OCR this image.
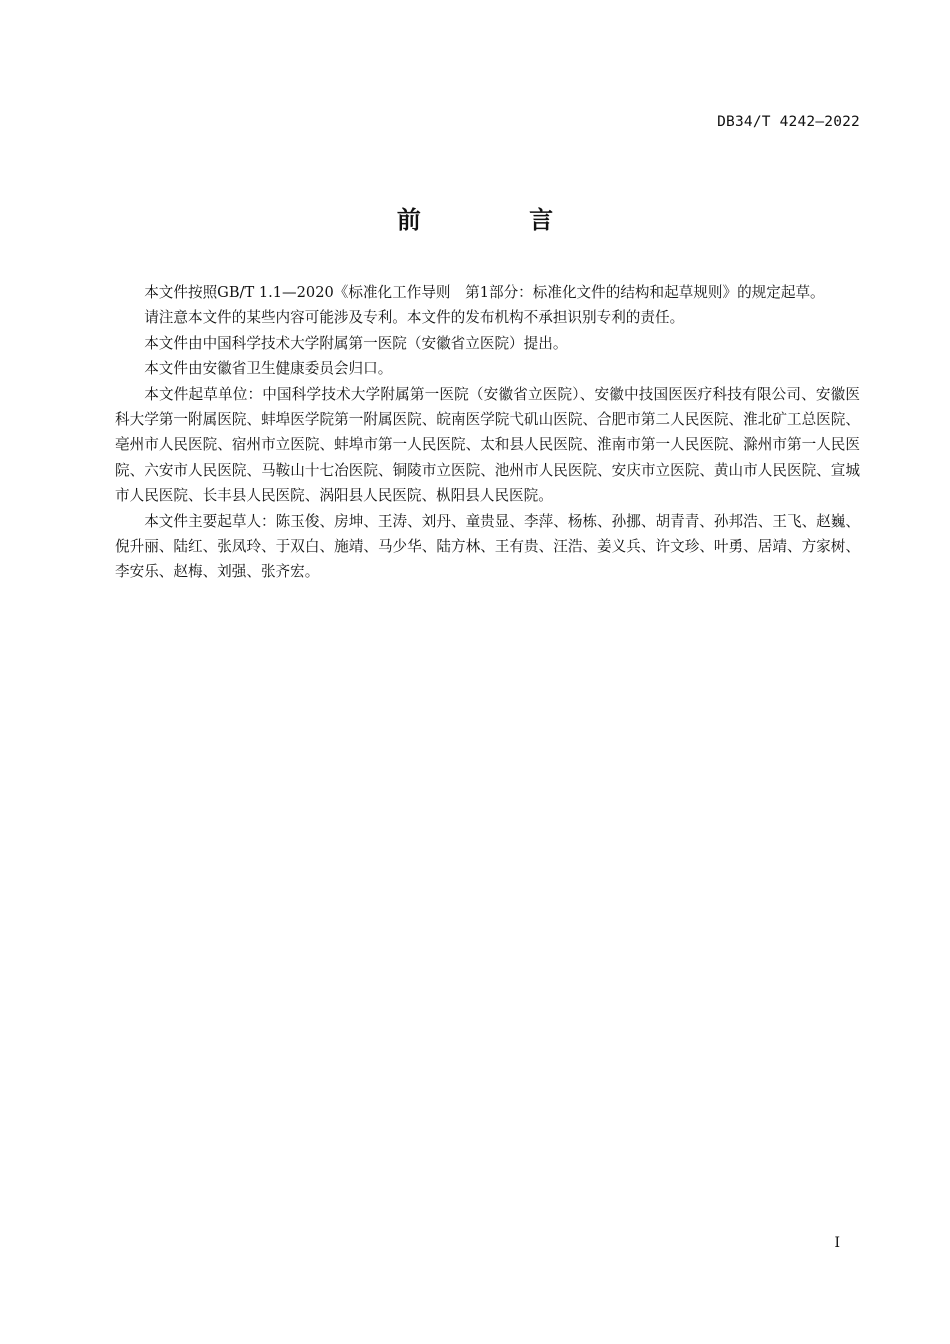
DB34/T 4242—2022
前 言

本文件按照GB/T 1.1—2020《标准化工作导则　第1部分：标准化文件的结构和起草规则》的规定起草。

请注意本文件的某些内容可能涉及专利。本文件的发布机构不承担识别专利的责任。

本文件由中国科学技术大学附属第一医院（安徽省立医院）提出。

本文件由安徽省卫生健康委员会归口。

本文件起草单位：中国科学技术大学附属第一医院（安徽省立医院）、安徽中技国医医疗科技有限公司、安徽医科大学第一附属医院、蚌埠医学院第一附属医院、皖南医学院弋矶山医院、合肥市第二人民医院、淮北矿工总医院、亳州市人民医院、宿州市立医院、蚌埠市第一人民医院、太和县人民医院、淮南市第一人民医院、滁州市第一人民医院、六安市人民医院、马鞍山十七冶医院、铜陵市立医院、池州市人民医院、安庆市立医院、黄山市人民医院、宣城市人民医院、长丰县人民医院、涡阳县人民医院、枞阳县人民医院。

本文件主要起草人：陈玉俊、房坤、王涛、刘丹、童贵显、李萍、杨栋、孙挪、胡青青、孙邦浩、王飞、赵巍、倪升丽、陆红、张凤玲、于双白、施靖、马少华、陆方林、王有贵、汪浩、姜义兵、许文珍、叶勇、居靖、方家树、李安乐、赵梅、刘强、张齐宏。

I
